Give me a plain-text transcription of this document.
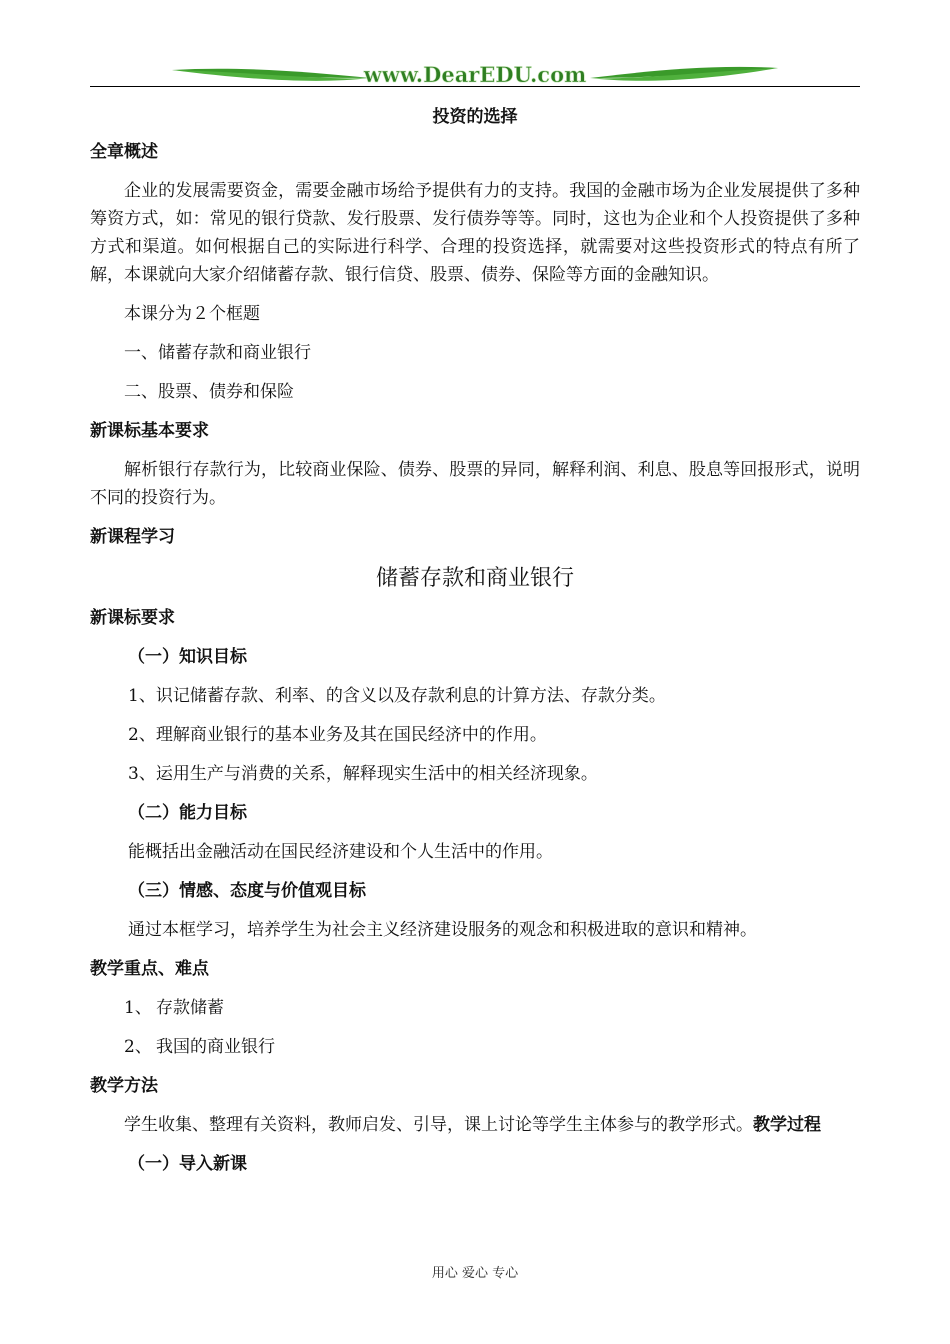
www.DearEDU.com
投资的选择
全章概述
企业的发展需要资金，需要金融市场给予提供有力的支持。我国的金融市场为企业发展提供了多种筹资方式，如：常见的银行贷款、发行股票、发行债券等等。同时，这也为企业和个人投资提供了多种方式和渠道。如何根据自己的实际进行科学、合理的投资选择，就需要对这些投资形式的特点有所了解，本课就向大家介绍储蓄存款、银行信贷、股票、债券、保险等方面的金融知识。
本课分为２个框题
一、储蓄存款和商业银行
二、股票、债券和保险
新课标基本要求
解析银行存款行为，比较商业保险、债券、股票的异同，解释利润、利息、股息等回报形式，说明不同的投资行为。
新课程学习
储蓄存款和商业银行
新课标要求
（一）知识目标
1、识记储蓄存款、利率、的含义以及存款利息的计算方法、存款分类。
2、理解商业银行的基本业务及其在国民经济中的作用。
3、运用生产与消费的关系，解释现实生活中的相关经济现象。
（二）能力目标
能概括出金融活动在国民经济建设和个人生活中的作用。
（三）情感、态度与价值观目标
通过本框学习，培养学生为社会主义经济建设服务的观念和积极进取的意识和精神。
教学重点、难点
1、 存款储蓄
2、 我国的商业银行
教学方法
学生收集、整理有关资料，教师启发、引导，课上讨论等学生主体参与的教学形式。教学过程
（一）导入新课
用心 爱心 专心
